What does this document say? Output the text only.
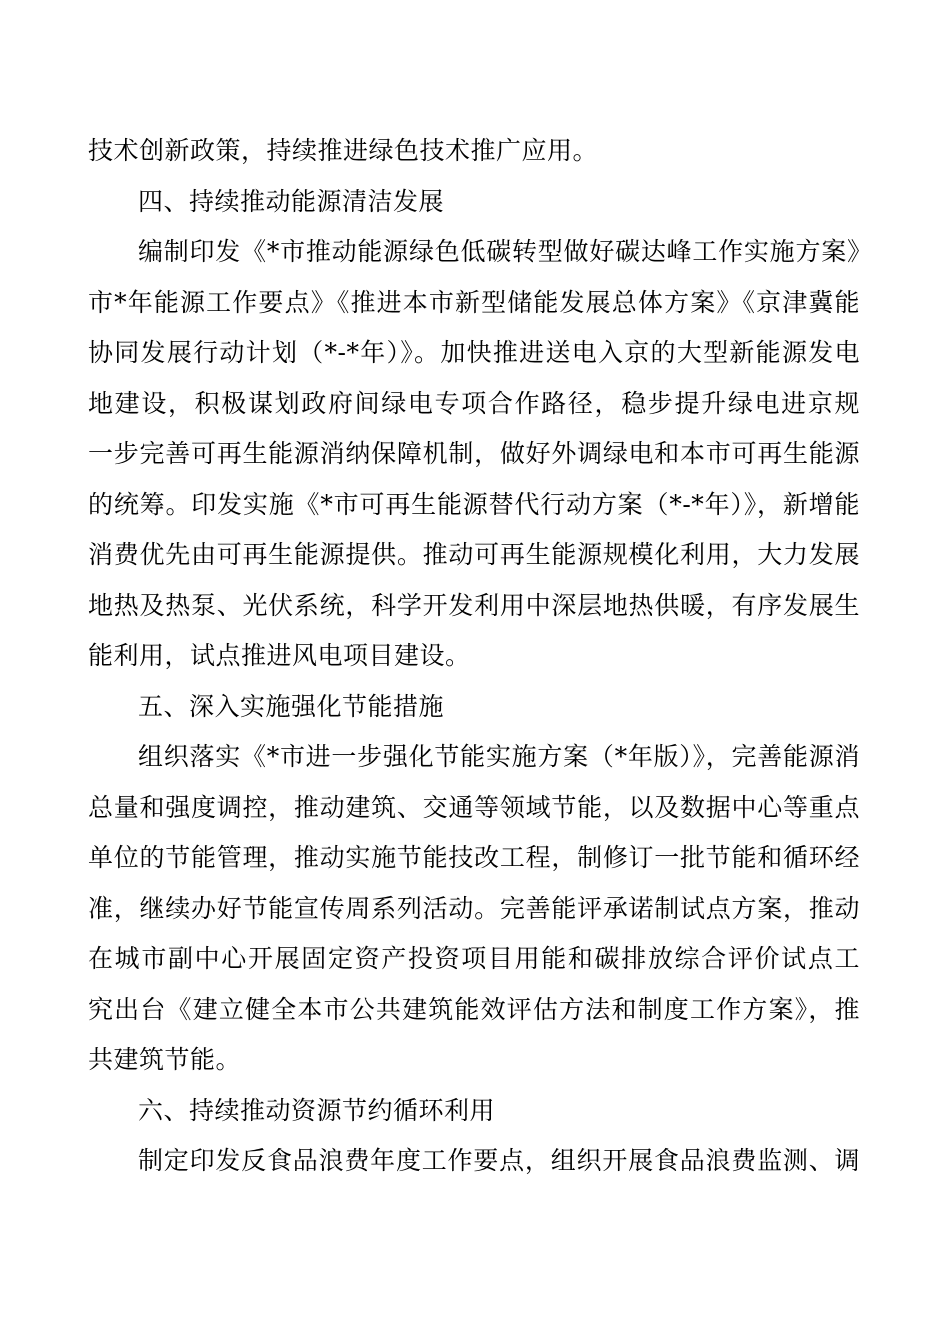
技术创新政策，持续推进绿色技术推广应用。
四、持续推动能源清洁发展
编制印发《*市推动能源绿色低碳转型做好碳达峰工作实施方案》
市*年能源工作要点》《推进本市新型储能发展总体方案》《京津冀能
协同发展行动计划（*-*年）》。加快推进送电入京的大型新能源发电
地建设，积极谋划政府间绿电专项合作路径，稳步提升绿电进京规
一步完善可再生能源消纳保障机制，做好外调绿电和本市可再生能源
的统筹。印发实施《*市可再生能源替代行动方案（*-*年）》，新增能
消费优先由可再生能源提供。推动可再生能源规模化利用，大力发展
地热及热泵、光伏系统，科学开发利用中深层地热供暖，有序发展生
能利用，试点推进风电项目建设。
五、深入实施强化节能措施
组织落实《*市进一步强化节能实施方案（*年版）》，完善能源消
总量和强度调控，推动建筑、交通等领域节能，以及数据中心等重点
单位的节能管理，推动实施节能技改工程，制修订一批节能和循环经
准，继续办好节能宣传周系列活动。完善能评承诺制试点方案，推动
在城市副中心开展固定资产投资项目用能和碳排放综合评价试点工
究出台《建立健全本市公共建筑能效评估方法和制度工作方案》，推
共建筑节能。
六、持续推动资源节约循环利用
制定印发反食品浪费年度工作要点，组织开展食品浪费监测、调
